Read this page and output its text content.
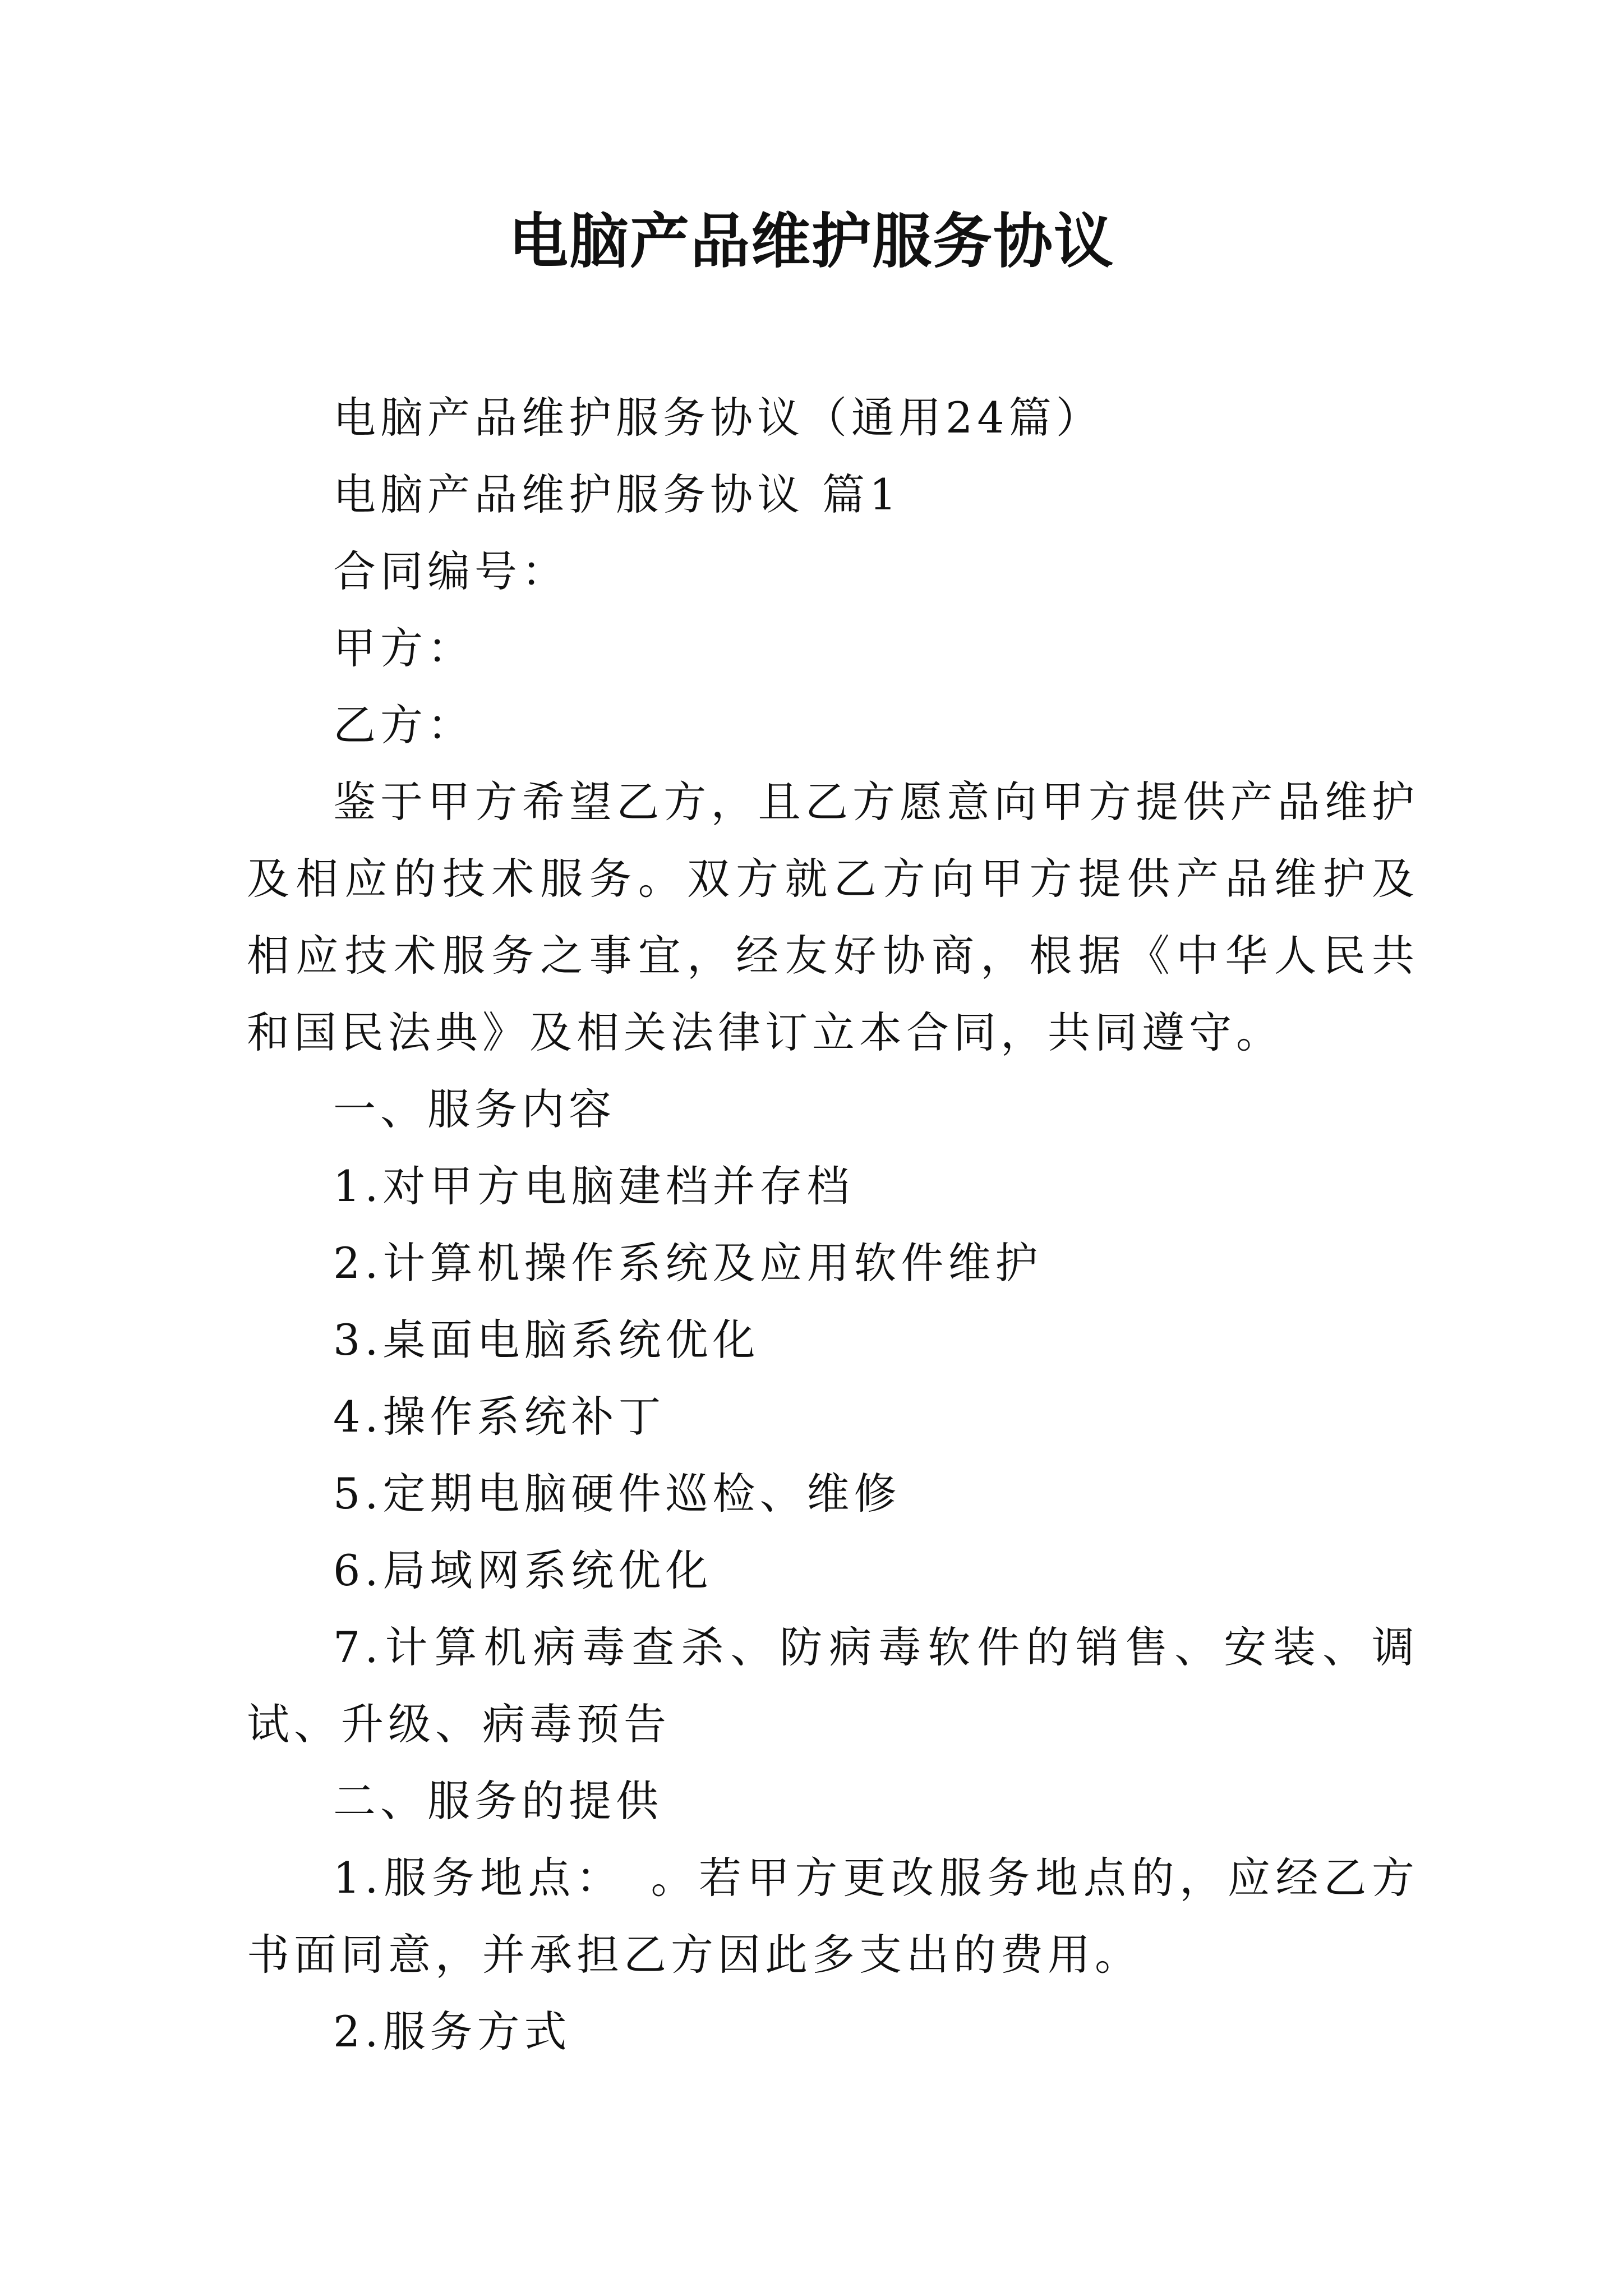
电脑产品维护服务协议

电脑产品维护服务协议（通用24篇）

电脑产品维护服务协议 篇1

合同编号：

甲方：

乙方：

鉴于甲方希望乙方，且乙方愿意向甲方提供产品维护及相应的技术服务。双方就乙方向甲方提供产品维护及相应技术服务之事宜，经友好协商，根据《中华人民共和国民法典》及相关法律订立本合同，共同遵守。

一、服务内容

1.对甲方电脑建档并存档

2.计算机操作系统及应用软件维护

3.桌面电脑系统优化

4.操作系统补丁

5.定期电脑硬件巡检、维修

6.局域网系统优化

7.计算机病毒查杀、防病毒软件的销售、安装、调试、升级、病毒预告

二、服务的提供

1.服务地点：　。若甲方更改服务地点的，应经乙方书面同意，并承担乙方因此多支出的费用。

2.服务方式
